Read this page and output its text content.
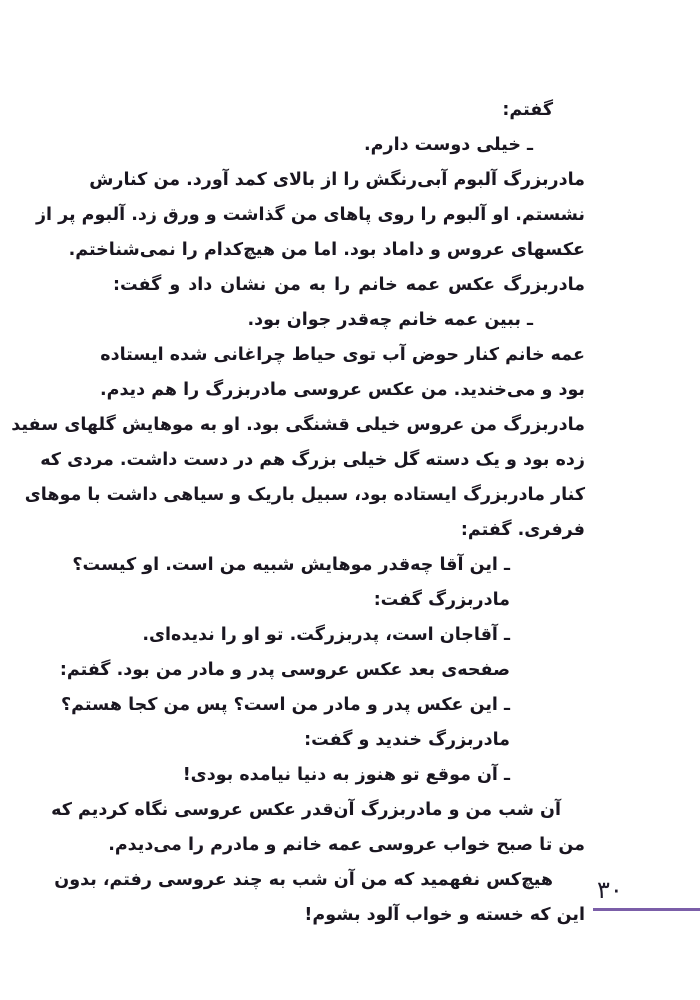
گفتم:
ـ خیلی دوست دارم.
مادربزرگ آلبوم آبی‌رنگش را از بالای کمد آورد. من کنارش
نشستم. او آلبوم را روی پاهای من گذاشت و ورق زد. آلبوم پر از
عکسهای عروس و داماد بود. اما من هیچ‌کدام را نمی‌شناختم.
مادربزرگ عکس عمه خانم را به من نشان داد و گفت:
ـ ببین عمه خانم چه‌قدر جوان بود.
عمه خانم کنار حوض آب توی حیاط چراغانی شده ایستاده
بود و می‌خندید. من عکس عروسی مادربزرگ را هم دیدم.
مادربزرگ من عروس خیلی قشنگی بود. او به موهایش گلهای سفید
زده بود و یک دسته گل خیلی بزرگ هم در دست داشت. مردی که
کنار مادربزرگ ایستاده بود، سبیل باریک و سیاهی داشت با موهای
فرفری. گفتم:
ـ این آقا چه‌قدر موهایش شبیه من است. او کیست؟
مادربزرگ گفت:
ـ آقاجان است، پدربزرگت. تو او را ندیده‌ای.
صفحه‌ی بعد عکس عروسی پدر و مادر من بود. گفتم:
ـ این عکس پدر و مادر من است؟ پس من کجا هستم؟
مادربزرگ خندید و گفت:
ـ آن موقع تو هنوز به دنیا نیامده بودی!
آن شب من و مادربزرگ آن‌قدر عکس عروسی نگاه کردیم که
من تا صبح خواب عروسی عمه خانم و مادرم را می‌دیدم.
هیچ‌کس نفهمید که من آن شب به چند عروسی رفتم، بدون
این که خسته و خواب آلود بشوم!
۳۰
